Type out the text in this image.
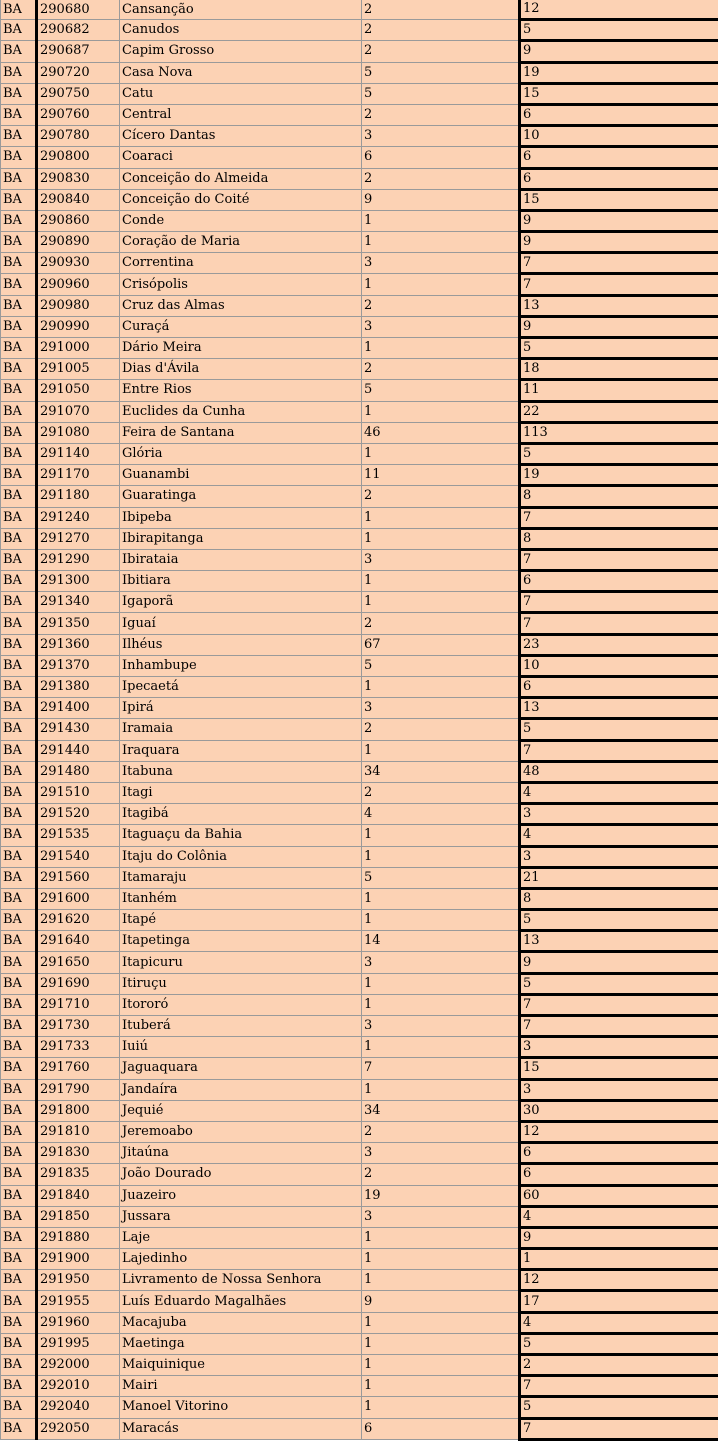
BA	290680	Cansanção	2	12
BA	290682	Canudos	2	5
BA	290687	Capim Grosso	2	9
BA	290720	Casa Nova	5	19
BA	290750	Catu	5	15
BA	290760	Central	2	6
BA	290780	Cícero Dantas	3	10
BA	290800	Coaraci	6	6
BA	290830	Conceição do Almeida	2	6
BA	290840	Conceição do Coité	9	15
BA	290860	Conde	1	9
BA	290890	Coração de Maria	1	9
BA	290930	Correntina	3	7
BA	290960	Crisópolis	1	7
BA	290980	Cruz das Almas	2	13
BA	290990	Curaçá	3	9
BA	291000	Dário Meira	1	5
BA	291005	Dias d'Ávila	2	18
BA	291050	Entre Rios	5	11
BA	291070	Euclides da Cunha	1	22
BA	291080	Feira de Santana	46	113
BA	291140	Glória	1	5
BA	291170	Guanambi	11	19
BA	291180	Guaratinga	2	8
BA	291240	Ibipeba	1	7
BA	291270	Ibirapitanga	1	8
BA	291290	Ibirataia	3	7
BA	291300	Ibitiara	1	6
BA	291340	Igaporã	1	7
BA	291350	Iguaí	2	7
BA	291360	Ilhéus	67	23
BA	291370	Inhambupe	5	10
BA	291380	Ipecaetá	1	6
BA	291400	Ipirá	3	13
BA	291430	Iramaia	2	5
BA	291440	Iraquara	1	7
BA	291480	Itabuna	34	48
BA	291510	Itagi	2	4
BA	291520	Itagibá	4	3
BA	291535	Itaguaçu da Bahia	1	4
BA	291540	Itaju do Colônia	1	3
BA	291560	Itamaraju	5	21
BA	291600	Itanhém	1	8
BA	291620	Itapé	1	5
BA	291640	Itapetinga	14	13
BA	291650	Itapicuru	3	9
BA	291690	Itiruçu	1	5
BA	291710	Itororó	1	7
BA	291730	Ituberá	3	7
BA	291733	Iuiú	1	3
BA	291760	Jaguaquara	7	15
BA	291790	Jandaíra	1	3
BA	291800	Jequié	34	30
BA	291810	Jeremoabo	2	12
BA	291830	Jitaúna	3	6
BA	291835	João Dourado	2	6
BA	291840	Juazeiro	19	60
BA	291850	Jussara	3	4
BA	291880	Laje	1	9
BA	291900	Lajedinho	1	1
BA	291950	Livramento de Nossa Senhora	1	12
BA	291955	Luís Eduardo Magalhães	9	17
BA	291960	Macajuba	1	4
BA	291995	Maetinga	1	5
BA	292000	Maiquinique	1	2
BA	292010	Mairi	1	7
BA	292040	Manoel Vitorino	1	5
BA	292050	Maracás	6	7
